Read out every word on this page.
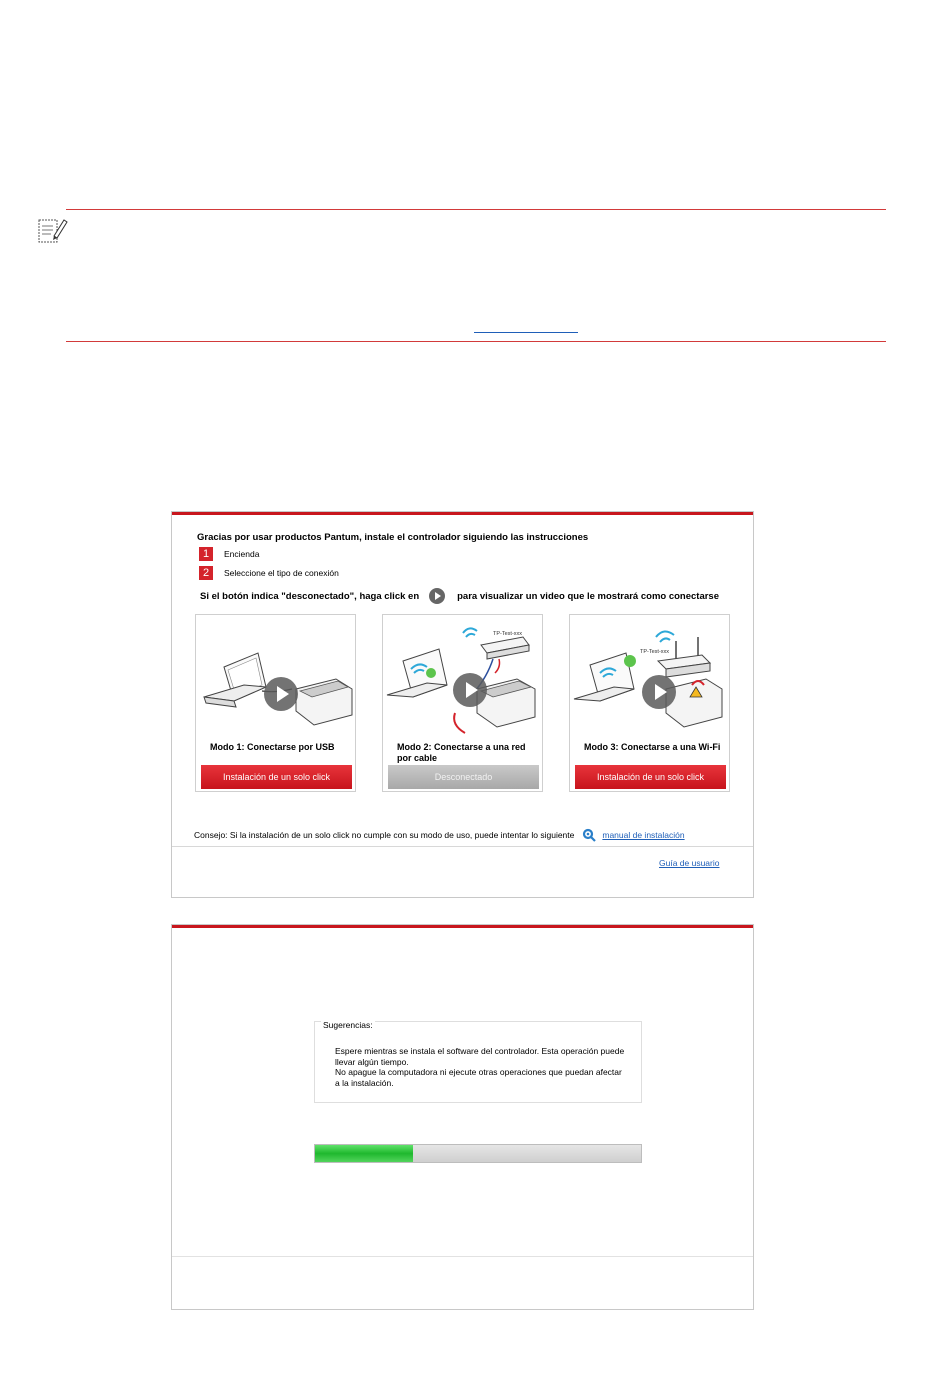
Gracias por usar productos Pantum, instale el controlador siguiendo las instrucciones
1	Encienda
2	Seleccione el tipo de conexión
Si el botón indica "desconectado", haga click en	para visualizar un video que le mostrará como conectarse
Modo 1: Conectarse por USB
Instalación de un solo click
TP-Test-xxx
Modo 2: Conectarse a una red por cable
Desconectado
TP-Test-xxx
Modo 3: Conectarse a una Wi-Fi
Instalación de un solo click
Consejo: Si la instalación de un solo click no cumple con su modo de uso, puede intentar lo siguiente	manual de instalación
Guía de usuario
Sugerencias:
Espere mientras se instala el software del controlador. Esta operación puede llevar algún tiempo.
No apague la computadora ni ejecute otras operaciones que puedan afectar a la instalación.
